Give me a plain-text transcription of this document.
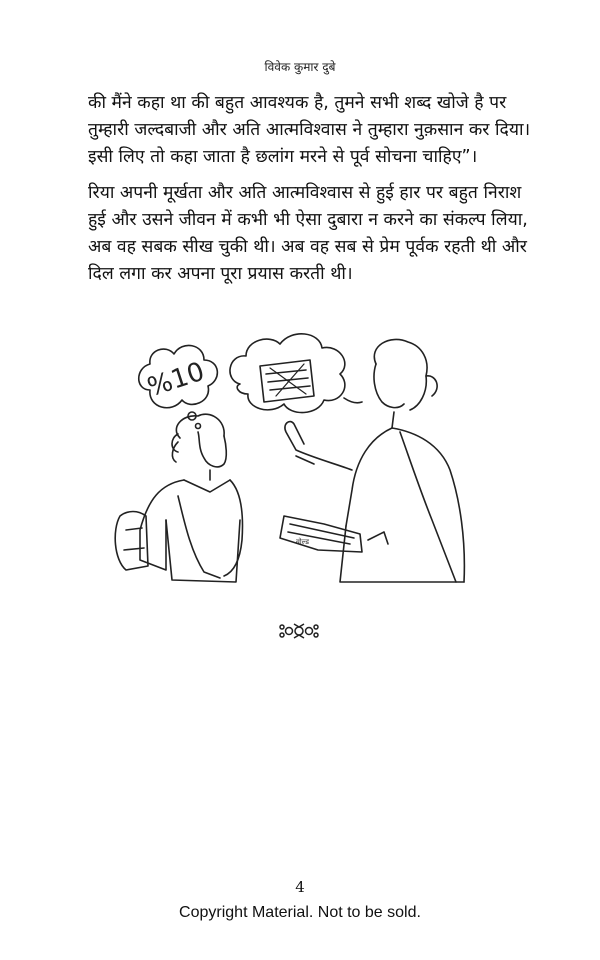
विवेक कुमार दुबे

की मैंने कहा था की बहुत आवश्यक है, तुमने सभी शब्द खोजे है पर
तुम्हारी जल्दबाजी और अति आत्मविश्वास ने तुम्हारा नुक़सान कर दिया।
इसी लिए तो कहा जाता है छलांग मरने से पूर्व सोचना चाहिए”।

रिया अपनी मूर्खता और अति आत्मविश्वास से हुई हार पर बहुत निराश
हुई और उसने जीवन में कभी भी ऐसा दुबारा न करने का संकल्प लिया,
अब वह सबक सीख चुकी थी। अब वह सब से प्रेम पूर्वक रहती थी और
दिल लगा कर अपना पूरा प्रयास करती थी।

%10
वोल्ड
4
Copyright Material. Not to be sold.
